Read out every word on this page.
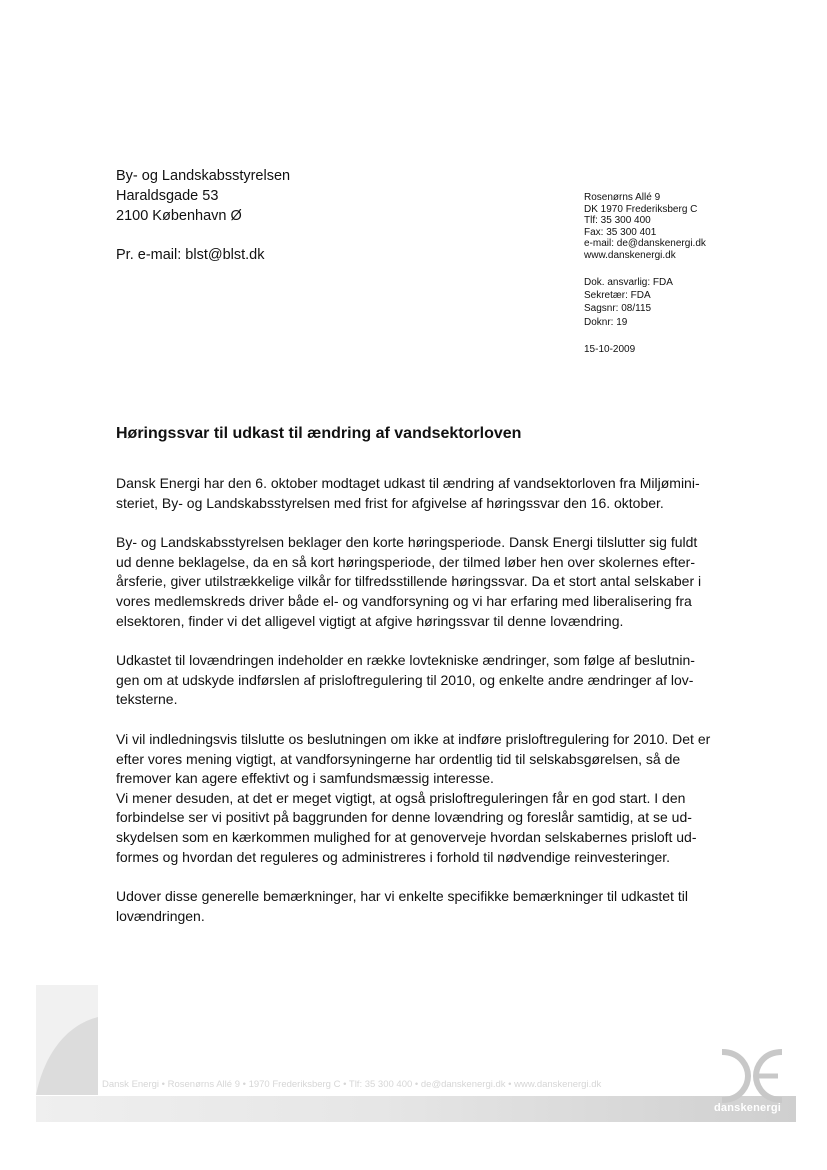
By- og Landskabsstyrelsen
Haraldsgade 53
2100 København Ø
Pr. e-mail: blst@blst.dk
Rosenørns Allé 9
DK 1970 Frederiksberg C
Tlf: 35 300 400
Fax: 35 300 401
e-mail: de@danskenergi.dk
www.danskenergi.dk
Dok. ansvarlig: FDA
Sekretær: FDA
Sagsnr: 08/115
Doknr: 19
15-10-2009
Høringssvar til udkast til ændring af vandsektorloven

Dansk Energi har den 6. oktober modtaget udkast til ændring af vandsektorloven fra Miljømini-
steriet, By- og Landskabsstyrelsen med frist for afgivelse af høringssvar den 16. oktober.

By- og Landskabsstyrelsen beklager den korte høringsperiode. Dansk Energi tilslutter sig fuldt
ud denne beklagelse, da en så kort høringsperiode, der tilmed løber hen over skolernes efter-
årsferie, giver utilstrækkelige vilkår for tilfredsstillende høringssvar. Da et stort antal selskaber i
vores medlemskreds driver både el- og vandforsyning og vi har erfaring med liberalisering fra
elsektoren, finder vi det alligevel vigtigt at afgive høringssvar til denne lovændring.

Udkastet til lovændringen indeholder en række lovtekniske ændringer, som følge af beslutnin-
gen om at udskyde indførslen af prisloftregulering til 2010, og enkelte andre ændringer af lov-
teksterne.

Vi vil indledningsvis tilslutte os beslutningen om ikke at indføre prisloftregulering for 2010. Det er
efter vores mening vigtigt, at vandforsyningerne har ordentlig tid til selskabsgørelsen, så de
fremover kan agere effektivt og i samfundsmæssig interesse.
Vi mener desuden, at det er meget vigtigt, at også prisloftreguleringen får en god start. I den
forbindelse ser vi positivt på baggrunden for denne lovændring og foreslår samtidig, at se ud-
skydelsen som en kærkommen mulighed for at genoverveje hvordan selskabernes prisloft ud-
formes og hvordan det reguleres og administreres i forhold til nødvendige reinvesteringer.

Udover disse generelle bemærkninger, har vi enkelte specifikke bemærkninger til udkastet til
lovændringen.

Dansk Energi • Rosenørns Allé 9 • 1970 Frederiksberg C • Tlf: 35 300 400 • de@danskenergi.dk • www.danskenergi.dk
danskenergi
